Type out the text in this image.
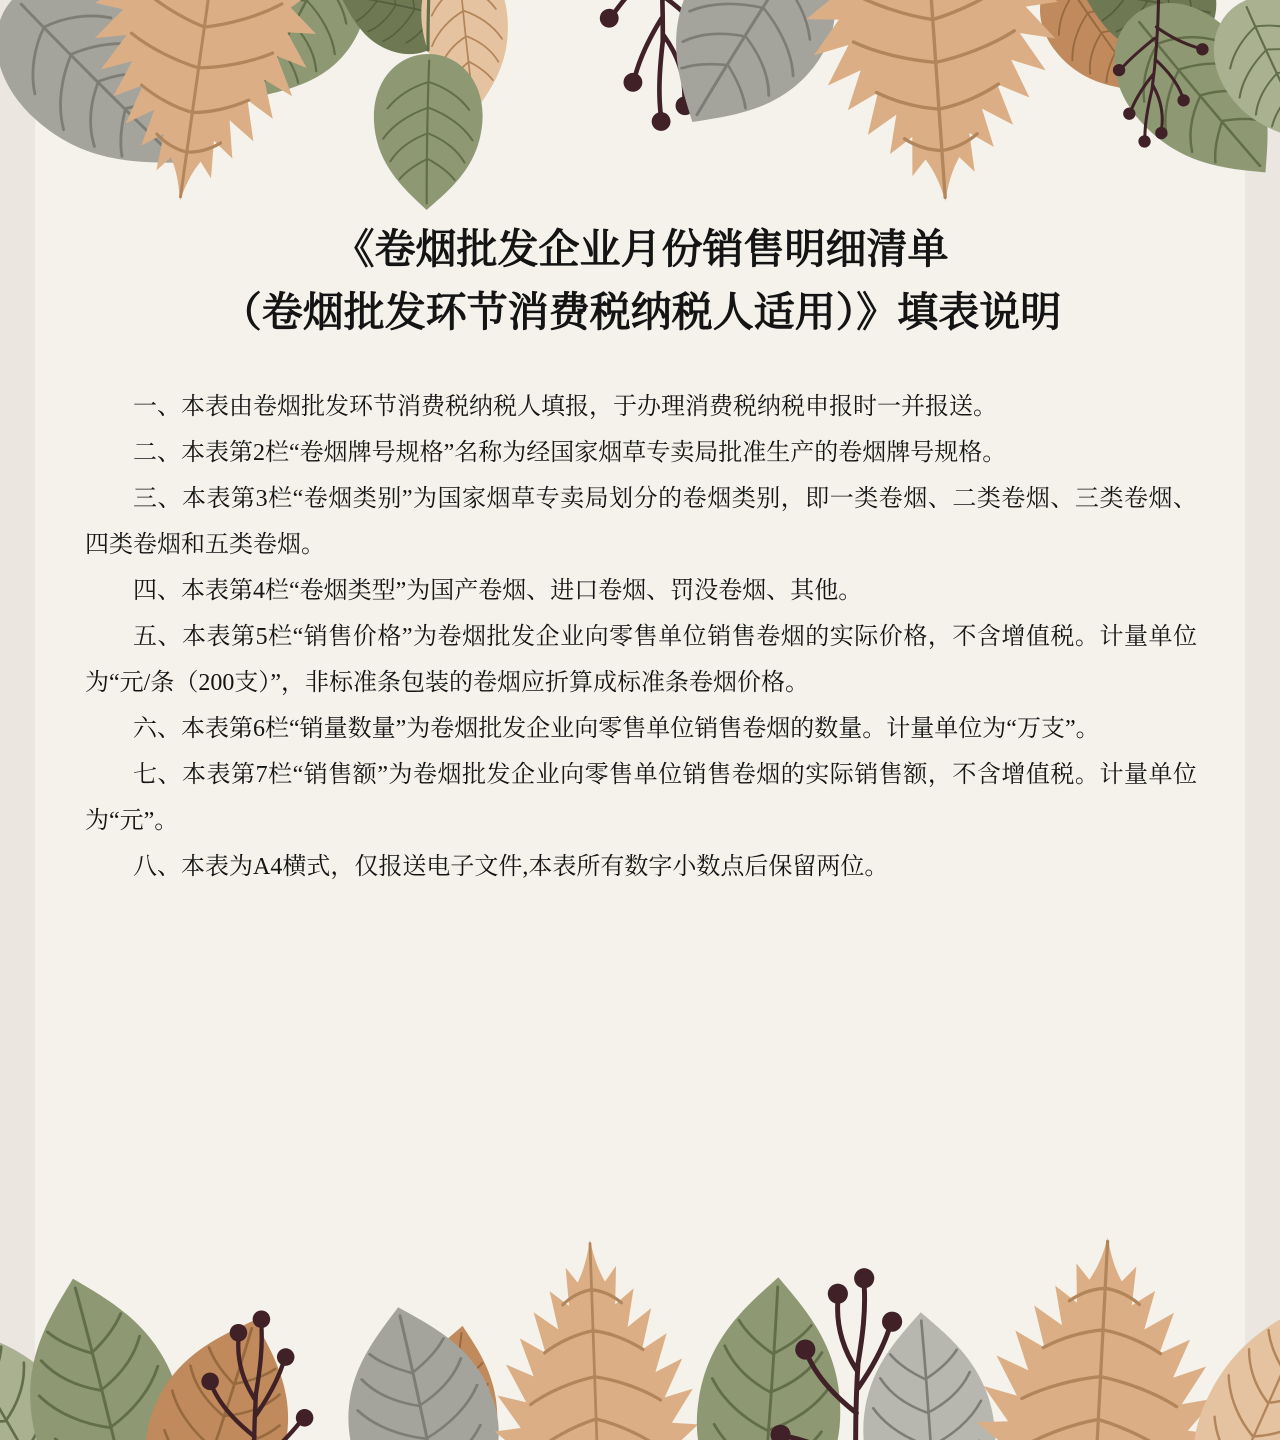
《卷烟批发企业月份销售明细清单
（卷烟批发环节消费税纳税人适用）》填表说明

一、本表由卷烟批发环节消费税纳税人填报，于办理消费税纳税申报时一并报送。

二、本表第2栏“卷烟牌号规格”名称为经国家烟草专卖局批准生产的卷烟牌号规格。

三、本表第3栏“卷烟类别”为国家烟草专卖局划分的卷烟类别，即一类卷烟、二类卷烟、三类卷烟、四类卷烟和五类卷烟。

四、本表第4栏“卷烟类型”为国产卷烟、进口卷烟、罚没卷烟、其他。

五、本表第5栏“销售价格”为卷烟批发企业向零售单位销售卷烟的实际价格，不含增值税。计量单位为“元/条（200支）”，非标准条包装的卷烟应折算成标准条卷烟价格。

六、本表第6栏“销量数量”为卷烟批发企业向零售单位销售卷烟的数量。计量单位为“万支”。

七、本表第7栏“销售额”为卷烟批发企业向零售单位销售卷烟的实际销售额，不含增值税。计量单位为“元”。

八、本表为A4横式，仅报送电子文件,本表所有数字小数点后保留两位。
